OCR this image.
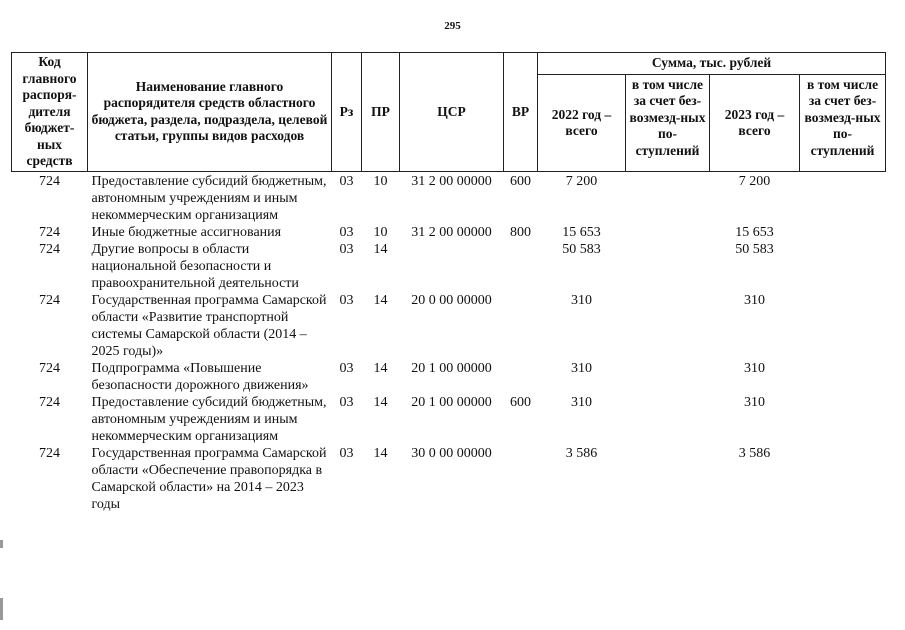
295
Код главного распоря-дителя бюджет-ных средств	Наименование главного распорядителя средств областного бюджета, раздела, подраздела, целевой статьи, группы видов расходов	Рз	ПР	ЦСР	ВР	Сумма, тыс. рублей			
						2022 год – всего	в том числе за счет без-возмезд-ных по-ступлений	2023 год – всего	в том числе за счет без-возмезд-ных по-ступлений
724	Предоставление субсидий бюджетным, автономным учреждениям и иным некоммерческим организациям	03	10	31 2 00 00000	600	7 200		7 200	
724	Иные бюджетные ассигнования	03	10	31 2 00 00000	800	15 653		15 653	
724	Другие вопросы в области национальной безопасности и правоохранительной деятельности	03	14			50 583		50 583	
724	Государственная программа Самарской области «Развитие транспортной системы Самарской области (2014 – 2025 годы)»	03	14	20 0 00 00000		310		310	
724	Подпрограмма «Повышение безопасности дорожного движения»	03	14	20 1 00 00000		310		310	
724	Предоставление субсидий бюджетным, автономным учреждениям и иным некоммерческим организациям	03	14	20 1 00 00000	600	310		310	
724	Государственная программа Самарской области «Обеспечение правопорядка в Самарской области» на 2014 – 2023 годы	03	14	30 0 00 00000		3 586		3 586	
